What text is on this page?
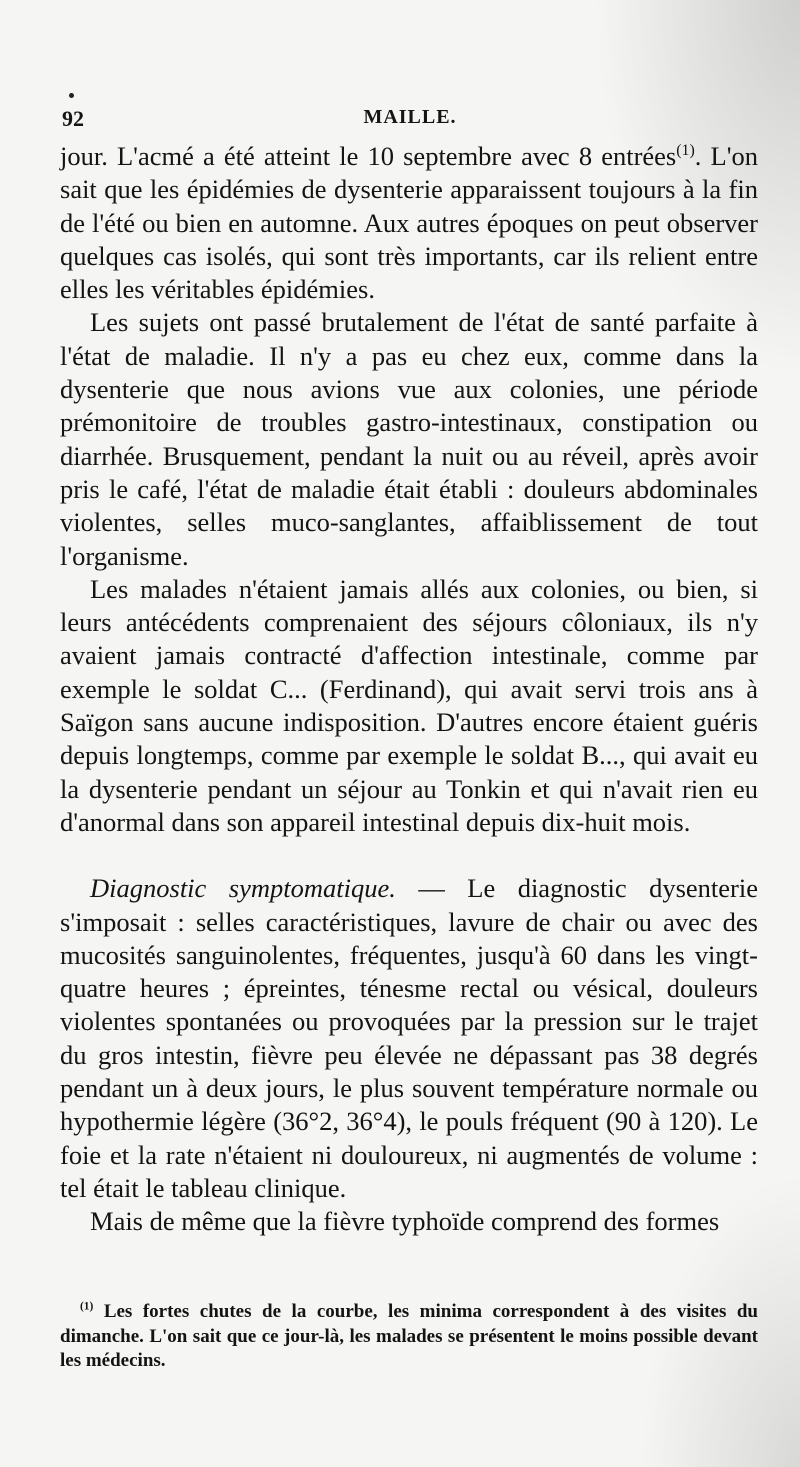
92	MAILLE.

jour. L'acmé a été atteint le 10 septembre avec 8 entrées$^{(1)}$. L'on sait que les épidémies de dysenterie apparaissent toujours à la fin de l'été ou bien en automne. Aux autres époques on peut observer quelques cas isolés, qui sont très importants, car ils relient entre elles les véritables épidémies.

Les sujets ont passé brutalement de l'état de santé parfaite à l'état de maladie. Il n'y a pas eu chez eux, comme dans la dysenterie que nous avions vue aux colonies, une période prémonitoire de troubles gastro-intestinaux, constipation ou diarrhée. Brusquement, pendant la nuit ou au réveil, après avoir pris le café, l'état de maladie était établi : douleurs abdominales violentes, selles muco-sanglantes, affaiblissement de tout l'organisme.

Les malades n'étaient jamais allés aux colonies, ou bien, si leurs antécédents comprenaient des séjours côloniaux, ils n'y avaient jamais contracté d'affection intestinale, comme par exemple le soldat C... (Ferdinand), qui avait servi trois ans à Saïgon sans aucune indisposition. D'autres encore étaient guéris depuis longtemps, comme par exemple le soldat B..., qui avait eu la dysenterie pendant un séjour au Tonkin et qui n'avait rien eu d'anormal dans son appareil intestinal depuis dix-huit mois.

Diagnostic symptomatique. — Le diagnostic dysenterie s'imposait : selles caractéristiques, lavure de chair ou avec des mucosités sanguinolentes, fréquentes, jusqu'à 60 dans les vingt-quatre heures ; épreintes, ténesme rectal ou vésical, douleurs violentes spontanées ou provoquées par la pression sur le trajet du gros intestin, fièvre peu élevée ne dépassant pas 38 degrés pendant un à deux jours, le plus souvent température normale ou hypothermie légère (36°2, 36°4), le pouls fréquent (90 à 120). Le foie et la rate n'étaient ni douloureux, ni augmentés de volume : tel était le tableau clinique.

Mais de même que la fièvre typhoïde comprend des formes

$^{(1)}$ Les fortes chutes de la courbe, les minima correspondent à des visites du dimanche. L'on sait que ce jour-là, les malades se présentent le moins possible devant les médecins.
